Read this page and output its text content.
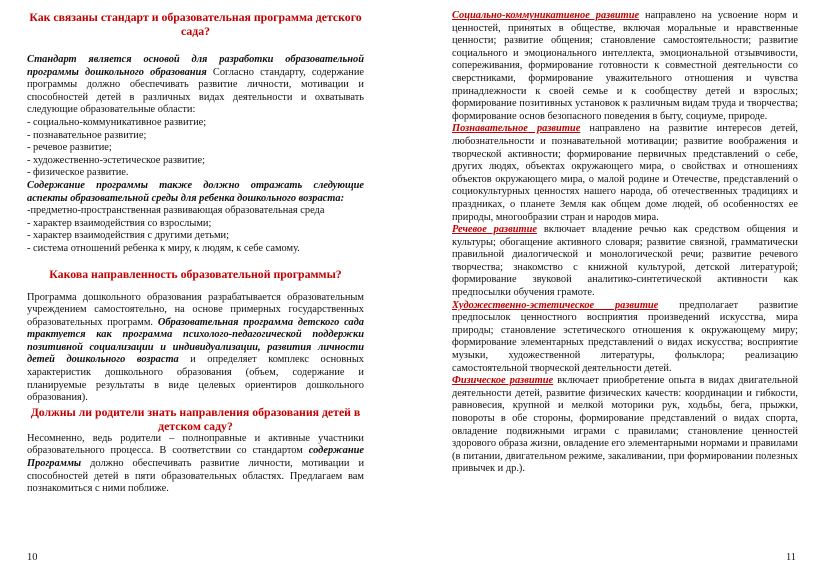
Как связаны стандарт и образовательная программа детского сада?

Стандарт является основой для разработки образовательной программы дошкольного образования Согласно стандарту, содержание программы должно обеспечивать развитие личности, мотивации и способностей детей в различных видах деятельности и охватывать следующие образовательные области:

- социально-коммуникативное развитие;

- познавательное развитие;

- речевое развитие;

- художественно-эстетическое развитие;

- физическое развитие.

Содержание программы также должно отражать следующие аспекты образовательной среды для ребенка дошкольного возраста:

-предметно-пространственная развивающая образовательная среда

- характер взаимодействия со взрослыми;

- характер взаимодействия с другими детьми;

- система отношений ребенка к миру, к людям, к себе самому.

Какова направленность образовательной программы?

Программа дошкольного образования разрабатывается образовательным учреждением самостоятельно, на основе примерных государственных образовательных программ. Образовательная программа детского сада трактуется как программа психолого-педагогической поддержки позитивной социализации и индивидуализации, развития личности детей дошкольного возраста и определяет комплекс основных характеристик дошкольного образования (объем, содержание и планируемые результаты в виде целевых ориентиров дошкольного образования).

Должны ли родители знать направления образования детей в детском саду?

Несомненно, ведь родители – полноправные и активные участники образовательного процесса. В соответствии со стандартом содержание Программы должно обеспечивать развитие личности, мотивации и способностей детей в пяти образовательных областях. Предлагаем вам познакомиться с ними поближе.

10

Социально-коммуникативное развитие направлено на усвоение норм и ценностей, принятых в обществе, включая моральные и нравственные ценности; развитие общения; становление самостоятельности; развитие социального и эмоционального интеллекта, эмоциональной отзывчивости, сопереживания, формирование готовности к совместной деятельности со сверстниками, формирование уважительного отношения и чувства принадлежности к своей семье и к сообществу детей и взрослых; формирование позитивных установок к различным видам труда и творчества; формирование основ безопасного поведения в быту, социуме, природе.

Познавательное развитие направлено на развитие интересов детей, любознательности и познавательной мотивации; развитие воображения и творческой активности; формирование первичных представлений о себе, других людях, объектах окружающего мира, о свойствах и отношениях объектов окружающего мира, о малой родине и Отечестве, представлений о социокультурных ценностях нашего народа, об отечественных традициях и праздниках, о планете Земля как общем доме людей, об особенностях ее природы, многообразии стран и народов мира.

Речевое развитие включает владение речью как средством общения и культуры; обогащение активного словаря; развитие связной, грамматически правильной диалогической и монологической речи; развитие речевого творчества; знакомство с книжной культурой, детской литературой; формирование звуковой аналитико-синтетической активности как предпосылки обучения грамоте.

Художественно-эстетическое развитие предполагает развитие предпосылок ценностного восприятия произведений искусства, мира природы; становление эстетического отношения к окружающему миру; формирование элементарных представлений о видах искусства; восприятие музыки, художественной литературы, фольклора; реализацию самостоятельной творческой деятельности детей.

Физическое развитие включает приобретение опыта в видах двигательной деятельности детей, развитие физических качеств: координации и гибкости, равновесия, крупной и мелкой моторики рук, ходьбы, бега, прыжки, повороты в обе стороны, формирование представлений о видах спорта, овладение подвижными играми с правилами; становление ценностей здорового образа жизни, овладение его элементарными нормами и правилами (в питании, двигательном режиме, закаливании, при формировании полезных привычек и др.).

11
